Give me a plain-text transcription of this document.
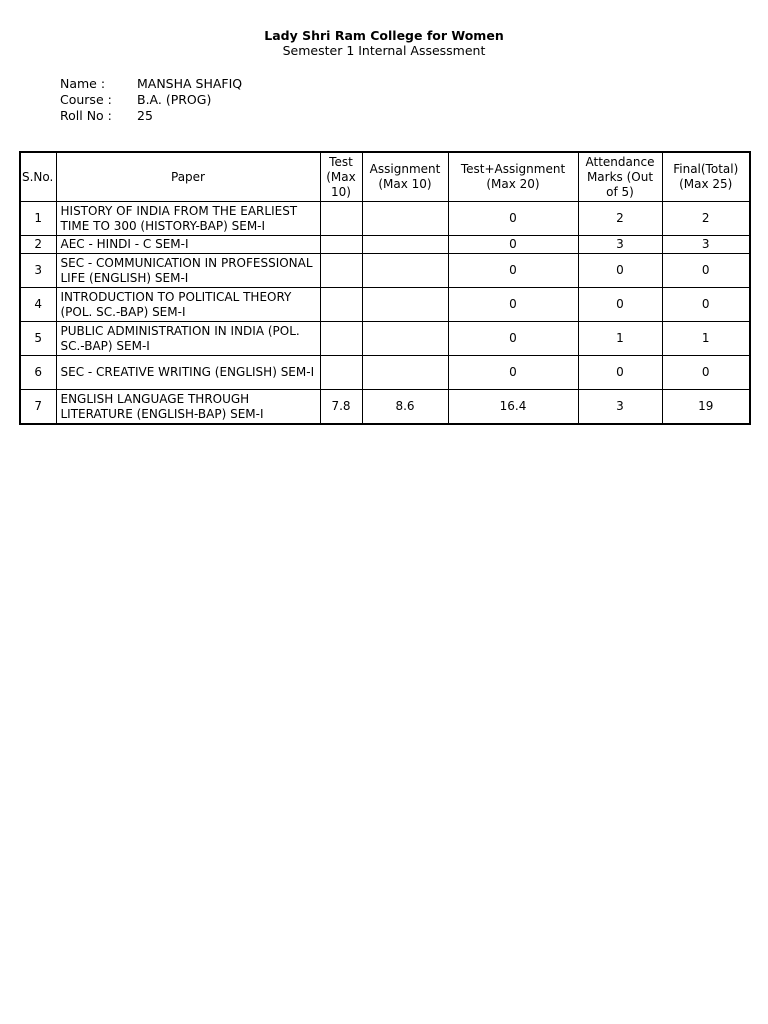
Lady Shri Ram College for Women
Semester 1 Internal Assessment
Name :	MANSHA SHAFIQ
Course :	B.A. (PROG)
Roll No :	25
S.No.	Paper	Test (Max 10)	Assignment (Max 10)	Test+Assignment (Max 20)	Attendance Marks (Out of 5)	Final(Total) (Max 25)
1	HISTORY OF INDIA FROM THE EARLIEST TIME TO 300 (HISTORY-BAP) SEM-I			0	2	2
2	AEC - HINDI - C SEM-I			0	3	3
3	SEC - COMMUNICATION IN PROFESSIONAL LIFE (ENGLISH) SEM-I			0	0	0
4	INTRODUCTION TO POLITICAL THEORY (POL. SC.-BAP) SEM-I			0	0	0
5	PUBLIC ADMINISTRATION IN INDIA (POL. SC.-BAP) SEM-I			0	1	1
6	SEC - CREATIVE WRITING (ENGLISH) SEM-I			0	0	0
7	ENGLISH LANGUAGE THROUGH LITERATURE (ENGLISH-BAP) SEM-I	7.8	8.6	16.4	3	19
